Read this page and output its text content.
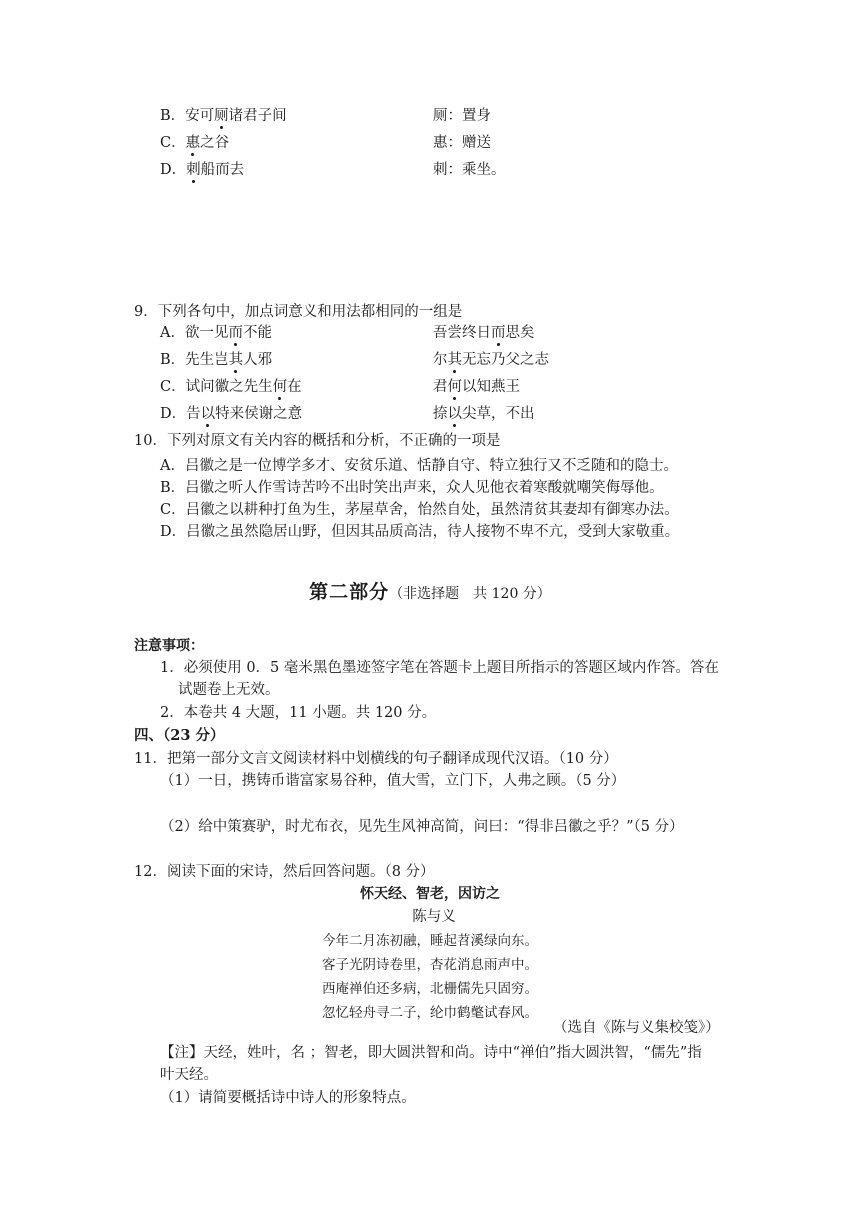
B．安可厕诸君子间	厕：置身
C．惠之谷	惠：赠送
D．刺船而去	刺：乘坐。
9．下列各句中，加点词意义和用法都相同的一组是
A．欲一见而不能	吾尝终日而思矣
B．先生岂其人邪	尔其无忘乃父之志
C．试问徽之先生何在	君何以知燕王
D．告以特来侯谢之意	捺以尖草，不出
10．下列对原文有关内容的概括和分析，不正确的一项是
A．吕徽之是一位博学多才、安贫乐道、恬静自守、特立独行又不乏随和的隐士。
B．吕徽之听人作雪诗苦吟不出时笑出声来，众人见他衣着寒酸就嘲笑侮辱他。
C．吕徽之以耕种打鱼为生，茅屋草舍，怡然自处，虽然清贫其妻却有御寒办法。
D．吕徽之虽然隐居山野，但因其品质高洁，待人接物不卑不亢，受到大家敬重。
第二部分（非选择题　共 120 分）
注意事项：
1．必须使用 0．5 毫米黑色墨迹签字笔在答题卡上题目所指示的答题区域内作答。答在
试题卷上无效。
2．本卷共 4 大题，11 小题。共 120 分。
四、（23 分）
11．把第一部分文言文阅读材料中划横线的句子翻译成现代汉语。（10 分）
（1）一日，携铸币谐富家易谷种，值大雪，立门下，人弗之顾。（5 分）
（2）给中策赛驴，时尤布衣，见先生风神高简，问曰：“得非吕徽之乎？”（5 分）
12．阅读下面的宋诗，然后回答问题。（8 分）
怀天经、智老，因访之
陈与义
今年二月冻初融，睡起苕溪绿向东。
客子光阴诗卷里，杏花消息雨声中。
西庵禅伯还多病，北栅儒先只固穷。
忽忆轻舟寻二子，纶巾鹤氅试春风。
（选自《陈与义集校笺》）
【注】天经，姓叶，名 ；智老，即大圆洪智和尚。诗中“禅伯”指大圆洪智，“儒先”指
叶天经。
（1）请简要概括诗中诗人的形象特点。
